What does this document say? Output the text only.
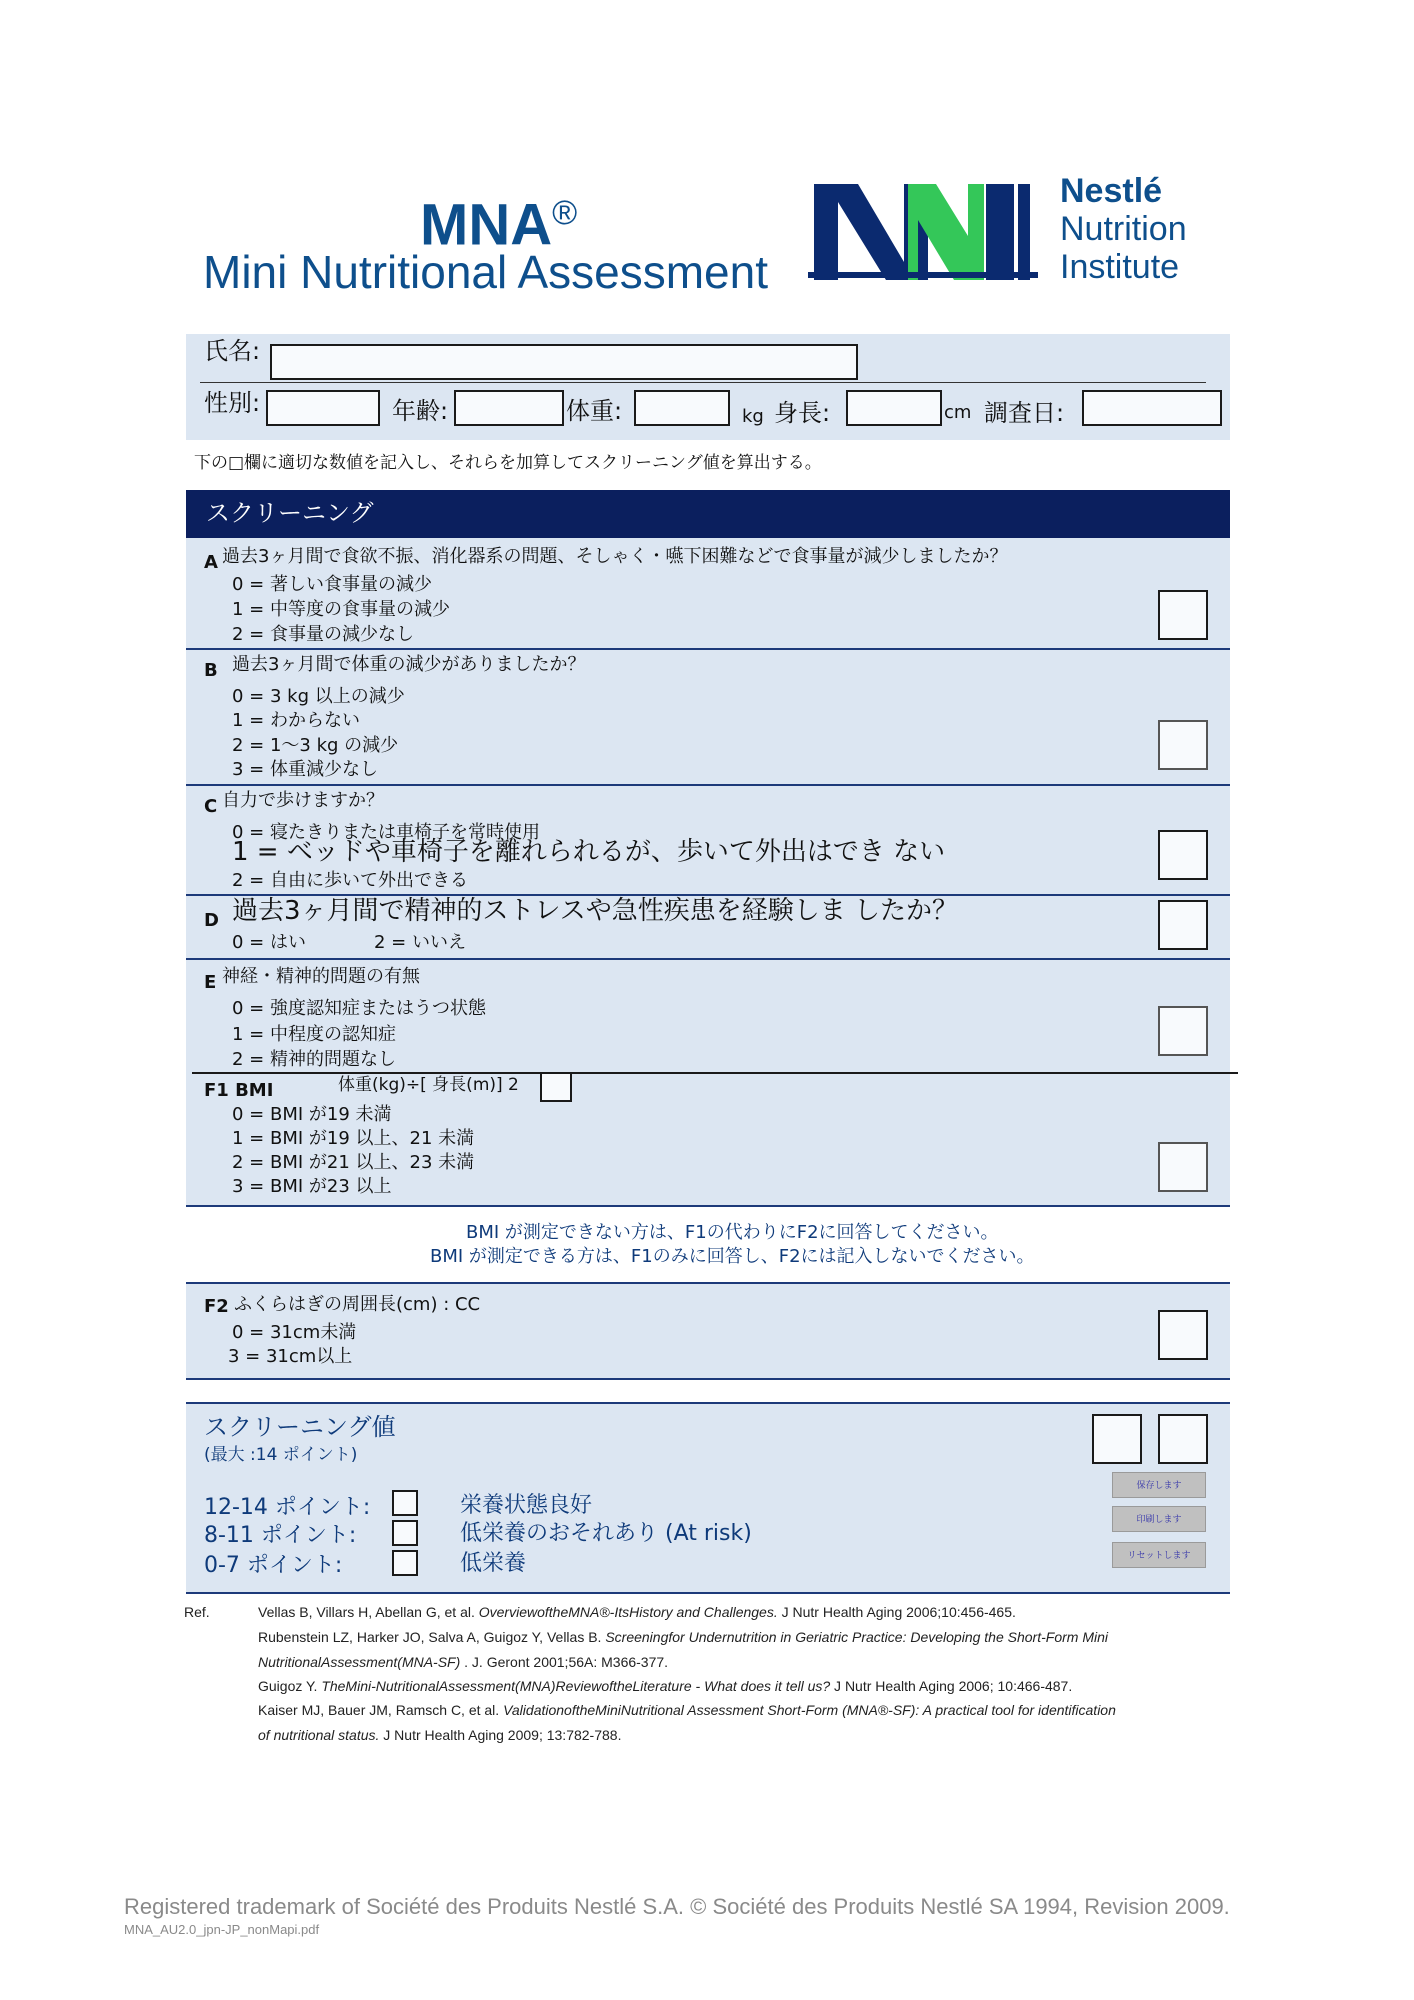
MNA®
Mini Nutritional Assessment
Nestlé
Nutrition
Institute
氏名:
性別:	年齢:	体重:	kg 身長:	cm 調査日:
下の□欄に適切な数値を記入し、それらを加算してスクリーニング値を算出する。
スクリーニング
A 過去3ヶ月間で食欲不振、消化器系の問題、そしゃく・嚥下困難などで食事量が減少しましたか？
0 = 著しい食事量の減少
1 = 中等度の食事量の減少
2 = 食事量の減少なし
B 過去3ヶ月間で体重の減少がありましたか？
0 = 3 kg 以上の減少
1 = わからない
2 = 1～3 kg の減少
3 = 体重減少なし
C 自力で歩けますか？
0 = 寝たきりまたは車椅子を常時使用
1 = ベッドや車椅子を離れられるが、歩いて外出はでき ない
2 = 自由に歩いて外出できる
D 過去3ヶ月間で精神的ストレスや急性疾患を経験しま したか？
0 = はい	2 = いいえ
E 神経・精神的問題の有無
0 = 強度認知症またはうつ状態
1 = 中程度の認知症
2 = 精神的問題なし
F1 BMI	体重(kg)÷[ 身長(m)] 2
0 = BMI が19 未満
1 = BMI が19 以上、21 未満
2 = BMI が21 以上、23 未満
3 = BMI が23 以上
BMI が測定できない方は、F1の代わりにF2に回答してください。
BMI が測定できる方は、F1のみに回答し、F2には記入しないでください。
F2 ふくらはぎの周囲長(cm) : CC
0 = 31cm未満
3 = 31cm以上
スクリーニング値
(最大 :14 ポイント)
12-14 ポイント:	栄養状態良好
8-11 ポイント:	低栄養のおそれあり (At risk)
0-7 ポイント:	低栄養
保存します
印刷します
リセットします
Ref.	Vellas B, Villars H, Abellan G, et al. OverviewoftheMNA®-ItsHistory and Challenges. J Nutr Health Aging 2006;10:456-465.
Rubenstein LZ, Harker JO, Salva A, Guigoz Y, Vellas B. Screeningfor Undernutrition in Geriatric Practice: Developing the Short-Form Mini
NutritionalAssessment(MNA-SF) . J. Geront 2001;56A: M366-377.
Guigoz Y. TheMini-NutritionalAssessment(MNA)ReviewoftheLiterature - What does it tell us? J Nutr Health Aging 2006; 10:466-487.
Kaiser MJ, Bauer JM, Ramsch C, et al. ValidationoftheMiniNutritional Assessment Short-Form (MNA®-SF): A practical tool for identification
of nutritional status. J Nutr Health Aging 2009; 13:782-788.
Registered trademark of Société des Produits Nestlé S.A. © Société des Produits Nestlé SA 1994, Revision 2009.
MNA_AU2.0_jpn-JP_nonMapi.pdf
